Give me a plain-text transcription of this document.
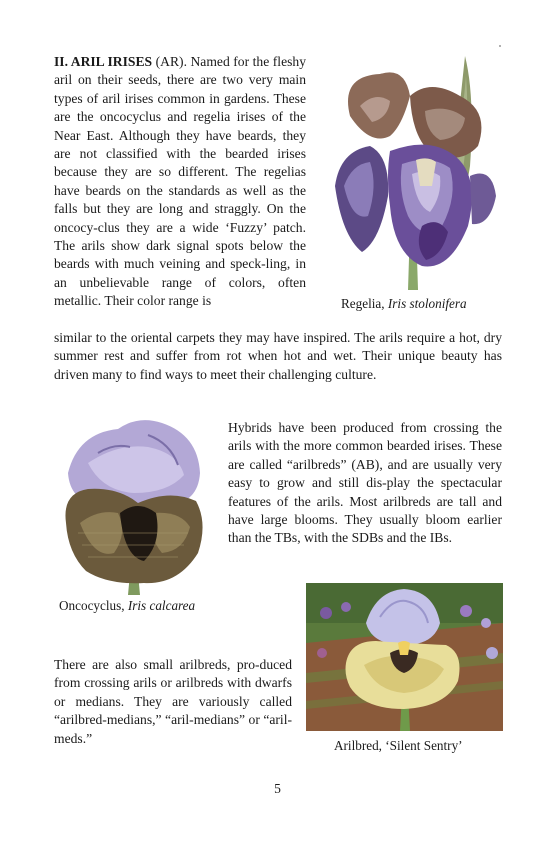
II. ARIL IRISES (AR). Named for the fleshy aril on their seeds, there are two very main types of aril irises common in gardens. These are the oncocyclus and regelia irises of the Near East. Although they have beards, they are not classified with the bearded irises because they are so different. The regelias have beards on the standards as well as the falls but they are long and straggly. On the oncocy-clus they are a wide ‘Fuzzy’ patch. The arils show dark signal spots below the beards with much veining and speck-ling, in an unbelievable range of colors, often metallic. Their color range is

similar to the oriental carpets they may have inspired. The arils require a hot, dry summer rest and suffer from rot when hot and wet. Their unique beauty has driven many to find ways to meet their challenging culture.

Regelia, Iris stolonifera

Hybrids have been produced from crossing the arils with the more common bearded irises. These are called “arilbreds” (AB), and are usually very easy to grow and still dis-play the spectacular features of the arils. Most arilbreds are tall and have large blooms. They usually bloom earlier than the TBs, with the SDBs and the IBs.

Oncocyclus, Iris calcarea
Arilbred, ‘Silent Sentry’

There are also small arilbreds, pro-duced from crossing arils or arilbreds with dwarfs or medians. They are variously called “arilbred-medians,” “aril-medians” or “aril-meds.”

5
